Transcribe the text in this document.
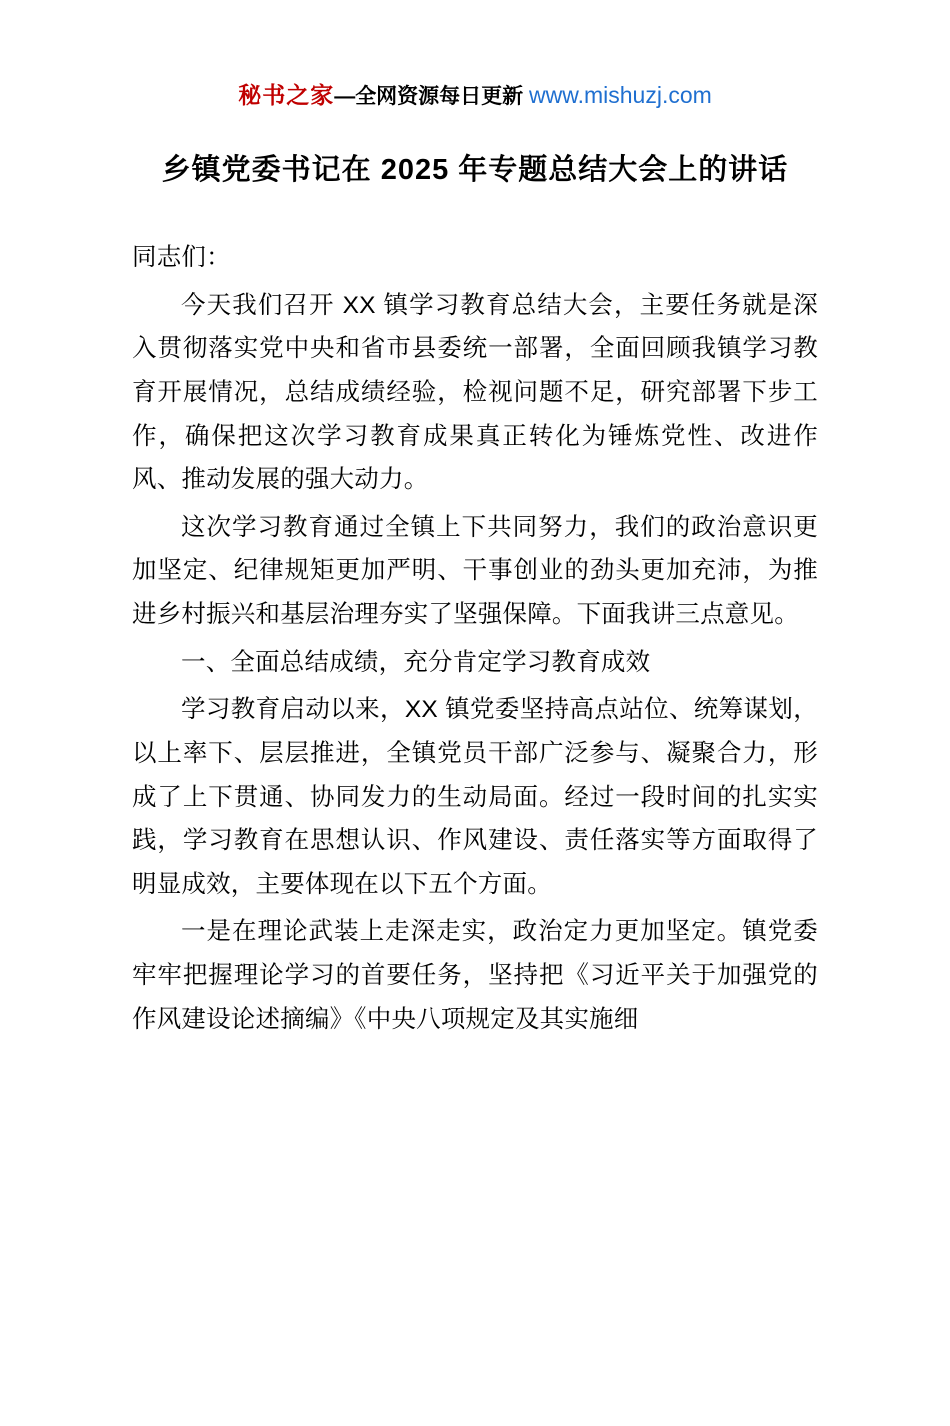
秘书之家—全网资源每日更新 www.mishuzj.com
乡镇党委书记在 2025 年专题总结大会上的讲话

同志们：

今天我们召开 XX 镇学习教育总结大会，主要任务就是深入贯彻落实党中央和省市县委统一部署，全面回顾我镇学习教育开展情况，总结成绩经验，检视问题不足，研究部署下步工作，确保把这次学习教育成果真正转化为锤炼党性、改进作风、推动发展的强大动力。

这次学习教育通过全镇上下共同努力，我们的政治意识更加坚定、纪律规矩更加严明、干事创业的劲头更加充沛，为推进乡村振兴和基层治理夯实了坚强保障。下面我讲三点意见。

一、全面总结成绩，充分肯定学习教育成效

学习教育启动以来，XX 镇党委坚持高点站位、统筹谋划，以上率下、层层推进，全镇党员干部广泛参与、凝聚合力，形成了上下贯通、协同发力的生动局面。经过一段时间的扎实实践，学习教育在思想认识、作风建设、责任落实等方面取得了明显成效，主要体现在以下五个方面。

一是在理论武装上走深走实，政治定力更加坚定。镇党委牢牢把握理论学习的首要任务，坚持把《习近平关于加强党的作风建设论述摘编》《中央八项规定及其实施细
